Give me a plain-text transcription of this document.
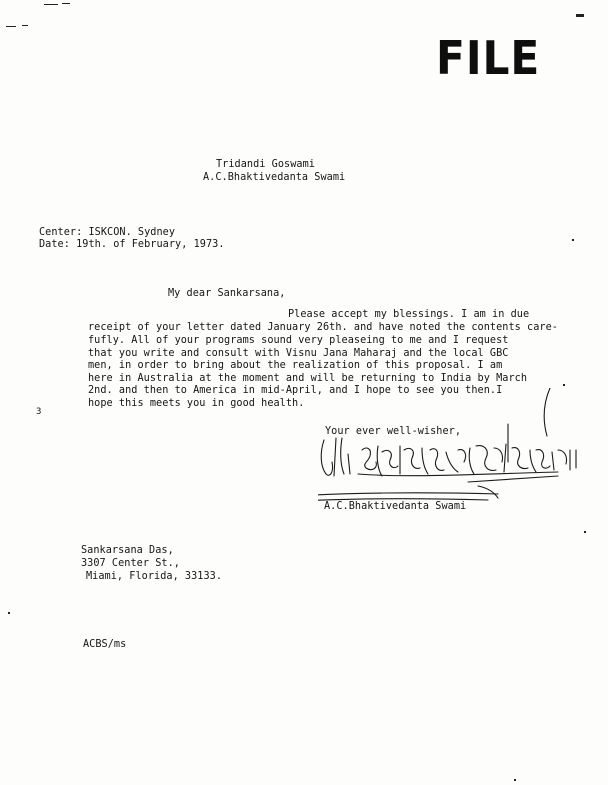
FILE
Tridandi Goswami
A.C.Bhaktivedanta Swami
Center: ISKCON. Sydney
Date: 19th. of February, 1973.
My dear Sankarsana,
Please accept my blessings. I am in due
receipt of your letter dated January 26th. and have noted the contents care-
fufly. All of your programs sound very pleaseing to me and I request
that you write and consult with Visnu Jana Maharaj and the local GBC
men, in order to bring about the realization of this proposal. I am
here in Australia at the moment and will be returning to India by March
2nd. and then to America in mid-April, and I hope to see you then.I
hope this meets you in good health.
3
Your ever well-wisher,
A.C.Bhaktivedanta Swami
Sankarsana Das,
3307 Center St.,
Miami, Florida, 33133.
ACBS/ms
